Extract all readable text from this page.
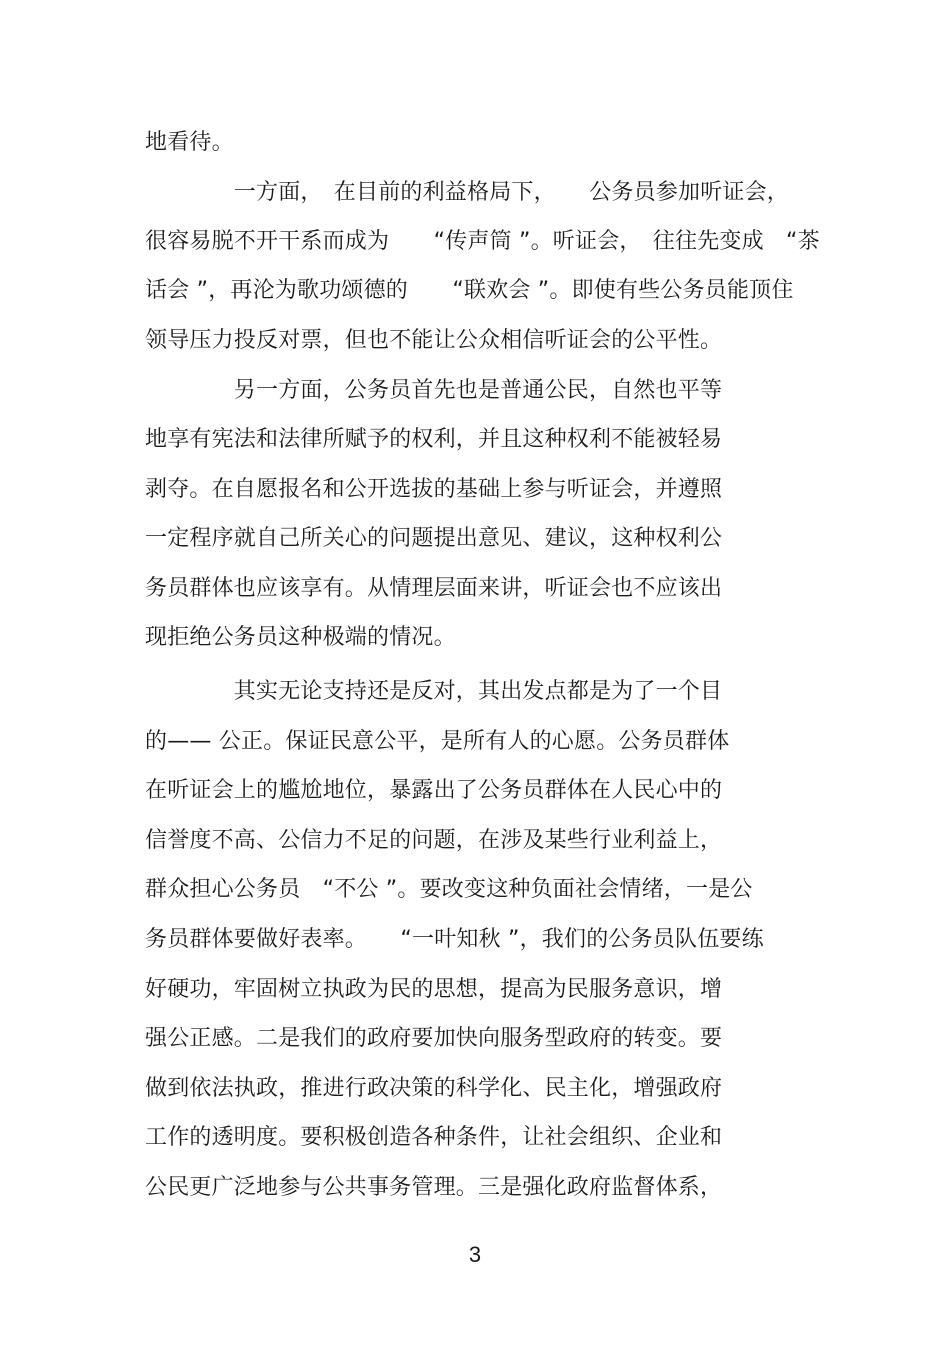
地看待。
　　　　一方面，　在目前的利益格局下，　　公务员参加听证会，
很容易脱不开干系而成为　　“传声筒 ”。听证会，　往往先变成　“茶
话会 ”，再沦为歌功颂德的　　“联欢会 ”。即使有些公务员能顶住
领导压力投反对票，但也不能让公众相信听证会的公平性。
　　　　另一方面，公务员首先也是普通公民，自然也平等
地享有宪法和法律所赋予的权利，并且这种权利不能被轻易
剥夺。在自愿报名和公开选拔的基础上参与听证会，并遵照
一定程序就自己所关心的问题提出意见、建议，这种权利公
务员群体也应该享有。从情理层面来讲，听证会也不应该出
现拒绝公务员这种极端的情况。
　　　　其实无论支持还是反对，其出发点都是为了一个目
的—— 公正。保证民意公平，是所有人的心愿。公务员群体
在听证会上的尴尬地位，暴露出了公务员群体在人民心中的
信誉度不高、公信力不足的问题，在涉及某些行业利益上，
群众担心公务员　“不公 ”。要改变这种负面社会情绪，一是公
务员群体要做好表率。　　“一叶知秋 ”，我们的公务员队伍要练
好硬功，牢固树立执政为民的思想，提高为民服务意识，增
强公正感。二是我们的政府要加快向服务型政府的转变。要
做到依法执政，推进行政决策的科学化、民主化，增强政府
工作的透明度。要积极创造各种条件，让社会组织、企业和
公民更广泛地参与公共事务管理。三是强化政府监督体系，
3
